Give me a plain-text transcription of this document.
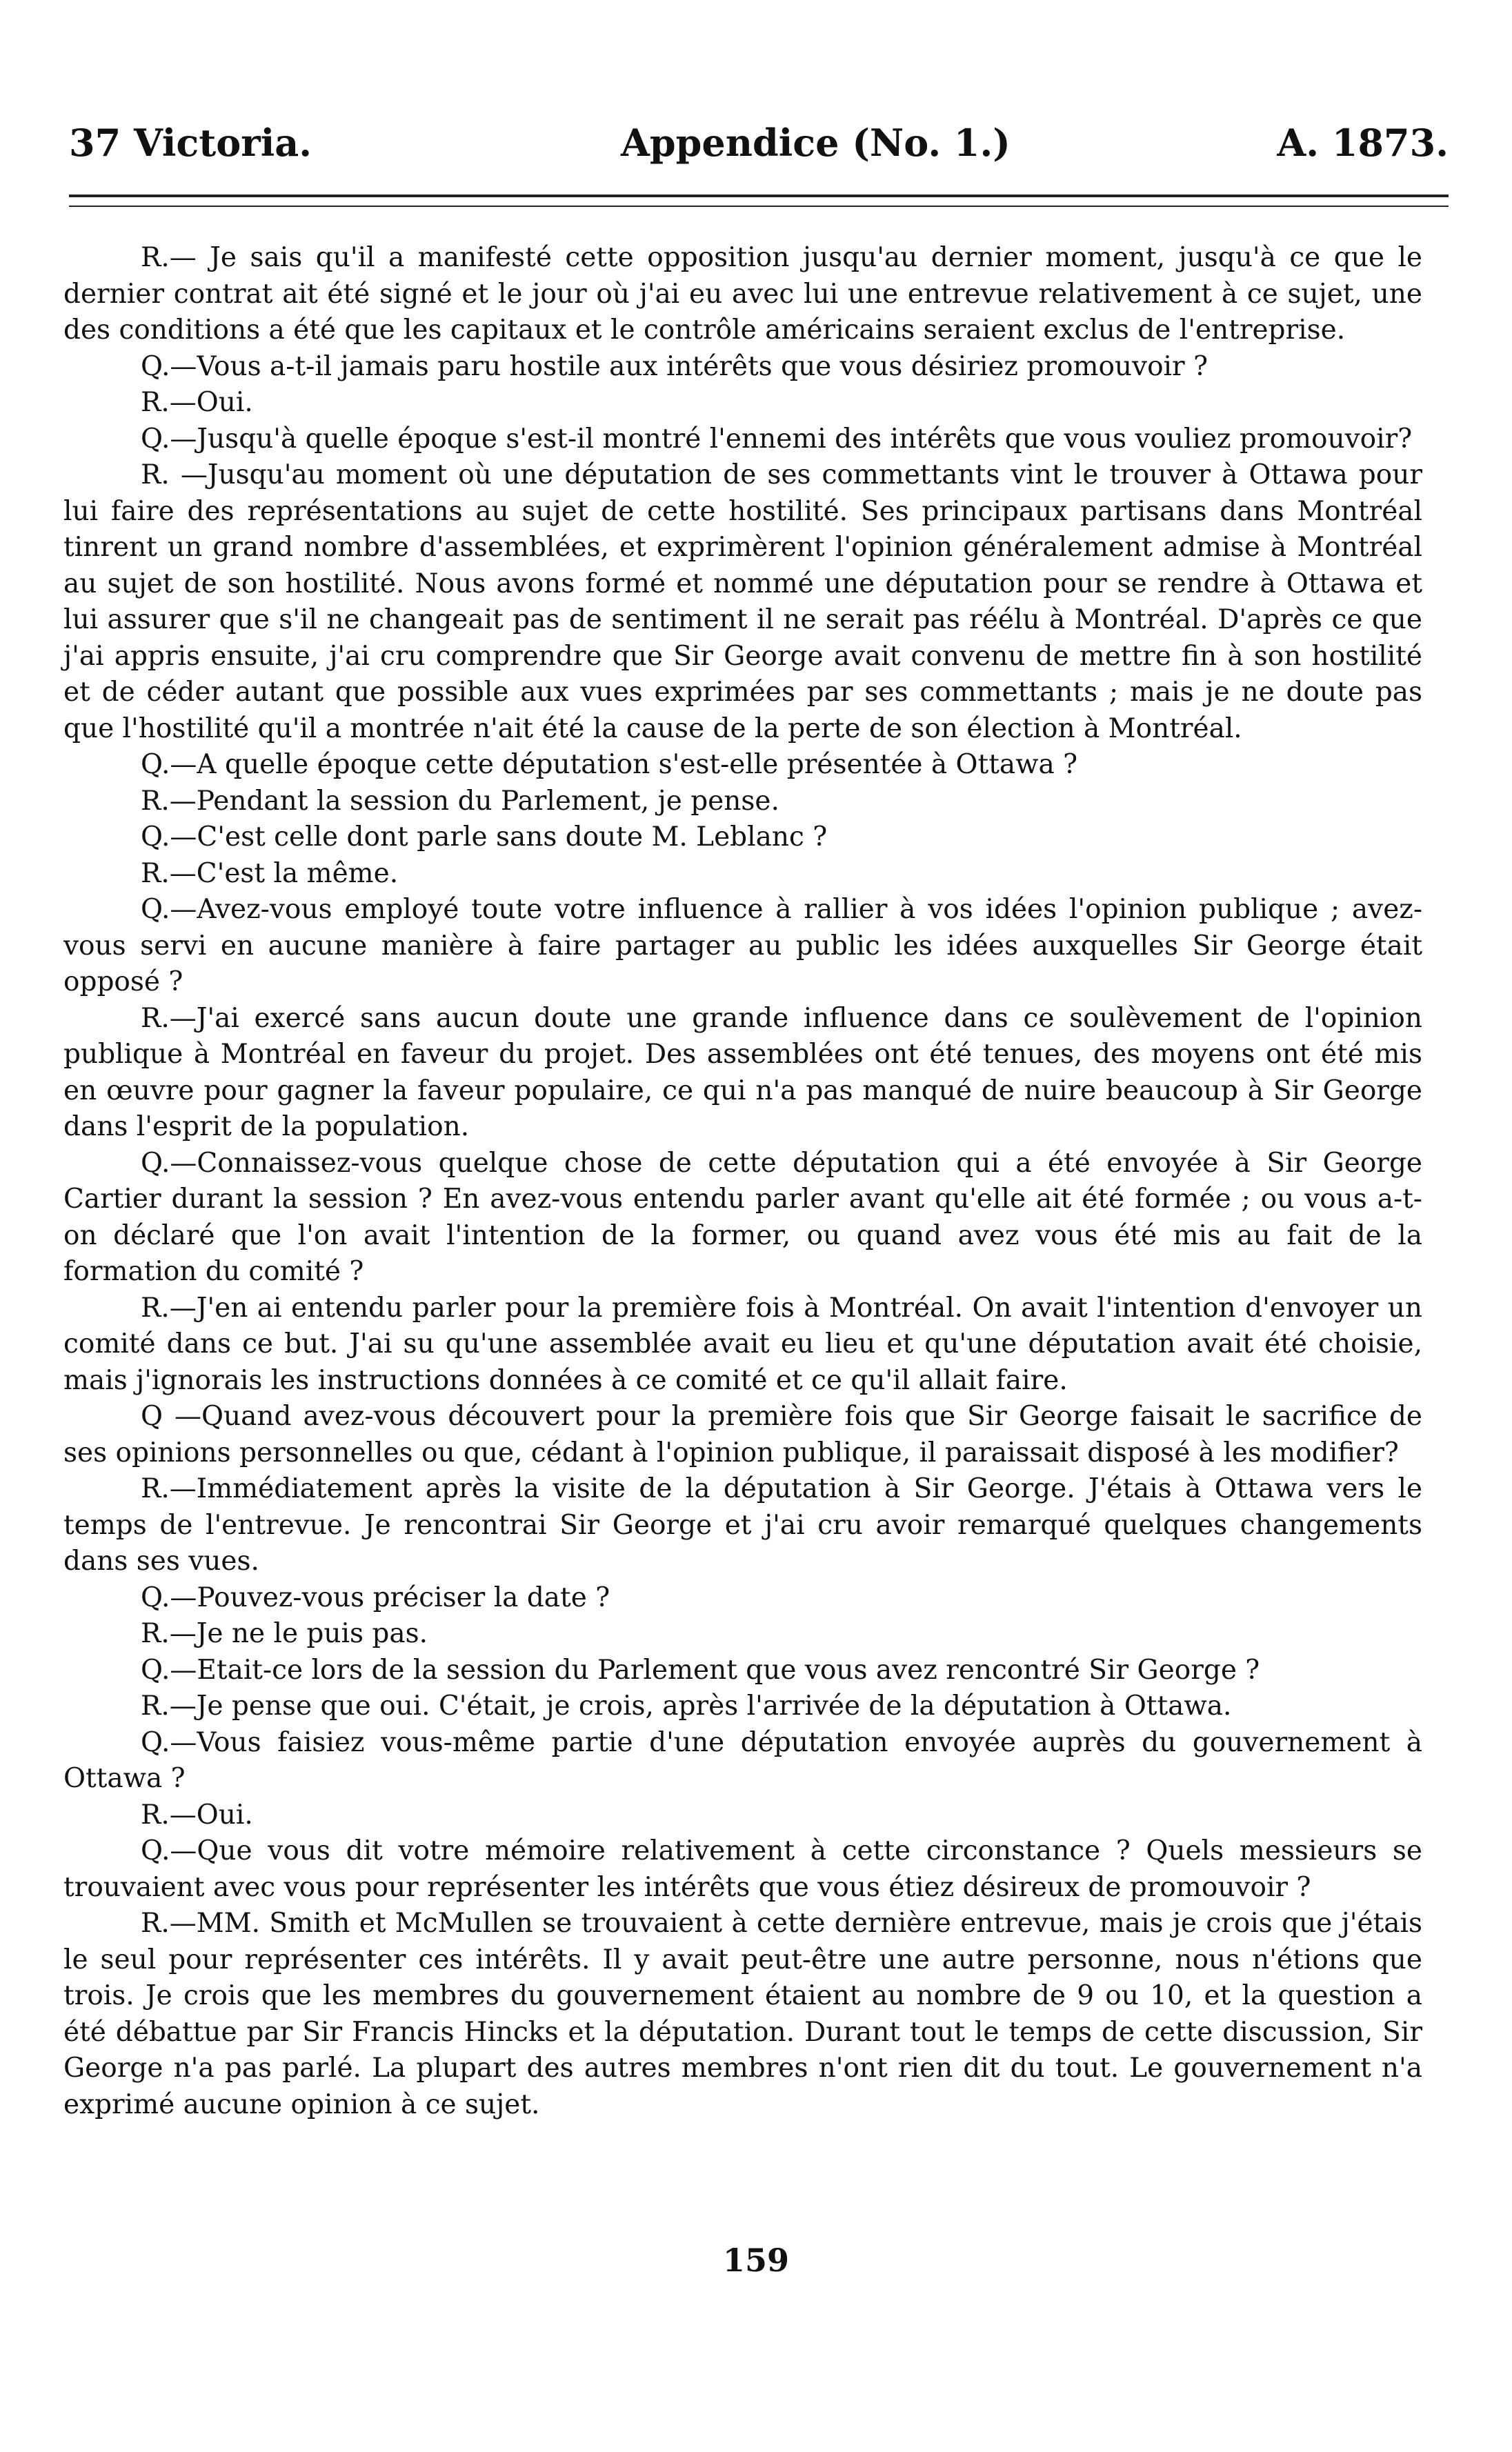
37 Victoria.	Appendice (No. 1.)	A. 1873.

R.— Je sais qu'il a manifesté cette opposition jusqu'au dernier moment, jusqu'à ce que le dernier contrat ait été signé et le jour où j'ai eu avec lui une entrevue relativement à ce sujet, une des conditions a été que les capitaux et le contrôle américains seraient exclus de l'entreprise.

Q.—Vous a-t-il jamais paru hostile aux intérêts que vous désiriez promouvoir ?

R.—Oui.

Q.—Jusqu'à quelle époque s'est-il montré l'ennemi des intérêts que vous vouliez promouvoir?

R. —Jusqu'au moment où une députation de ses commettants vint le trouver à Ottawa pour lui faire des représentations au sujet de cette hostilité. Ses principaux partisans dans Montréal tinrent un grand nombre d'assemblées, et exprimèrent l'opinion généralement admise à Montréal au sujet de son hostilité. Nous avons formé et nommé une députation pour se rendre à Ottawa et lui assurer que s'il ne changeait pas de sentiment il ne serait pas réélu à Montréal. D'après ce que j'ai appris ensuite, j'ai cru comprendre que Sir George avait convenu de mettre fin à son hostilité et de céder autant que possible aux vues exprimées par ses commettants ; mais je ne doute pas que l'hostilité qu'il a montrée n'ait été la cause de la perte de son élection à Montréal.

Q.—A quelle époque cette députation s'est-elle présentée à Ottawa ?

R.—Pendant la session du Parlement, je pense.

Q.—C'est celle dont parle sans doute M. Leblanc ?

R.—C'est la même.

Q.—Avez-vous employé toute votre influence à rallier à vos idées l'opinion publique ; avez-vous servi en aucune manière à faire partager au public les idées auxquelles Sir George était opposé ?

R.—J'ai exercé sans aucun doute une grande influence dans ce soulèvement de l'opinion publique à Montréal en faveur du projet. Des assemblées ont été tenues, des moyens ont été mis en œuvre pour gagner la faveur populaire, ce qui n'a pas manqué de nuire beaucoup à Sir George dans l'esprit de la population.

Q.—Connaissez-vous quelque chose de cette députation qui a été envoyée à Sir George Cartier durant la session ? En avez-vous entendu parler avant qu'elle ait été formée ; ou vous a-t-on déclaré que l'on avait l'intention de la former, ou quand avez vous été mis au fait de la formation du comité ?

R.—J'en ai entendu parler pour la première fois à Montréal. On avait l'intention d'envoyer un comité dans ce but. J'ai su qu'une assemblée avait eu lieu et qu'une députation avait été choisie, mais j'ignorais les instructions données à ce comité et ce qu'il allait faire.

Q —Quand avez-vous découvert pour la première fois que Sir George faisait le sacrifice de ses opinions personnelles ou que, cédant à l'opinion publique, il paraissait disposé à les modifier?

R.—Immédiatement après la visite de la députation à Sir George. J'étais à Ottawa vers le temps de l'entrevue. Je rencontrai Sir George et j'ai cru avoir remarqué quelques changements dans ses vues.

Q.—Pouvez-vous préciser la date ?

R.—Je ne le puis pas.

Q.—Etait-ce lors de la session du Parlement que vous avez rencontré Sir George ?

R.—Je pense que oui. C'était, je crois, après l'arrivée de la députation à Ottawa.

Q.—Vous faisiez vous-même partie d'une députation envoyée auprès du gouvernement à Ottawa ?

R.—Oui.

Q.—Que vous dit votre mémoire relativement à cette circonstance ? Quels messieurs se trouvaient avec vous pour représenter les intérêts que vous étiez désireux de promouvoir ?

R.—MM. Smith et McMullen se trouvaient à cette dernière entrevue, mais je crois que j'étais le seul pour représenter ces intérêts. Il y avait peut-être une autre personne, nous n'étions que trois. Je crois que les membres du gouvernement étaient au nombre de 9 ou 10, et la question a été débattue par Sir Francis Hincks et la députation. Durant tout le temps de cette discussion, Sir George n'a pas parlé. La plupart des autres membres n'ont rien dit du tout. Le gouvernement n'a exprimé aucune opinion à ce sujet.

159
